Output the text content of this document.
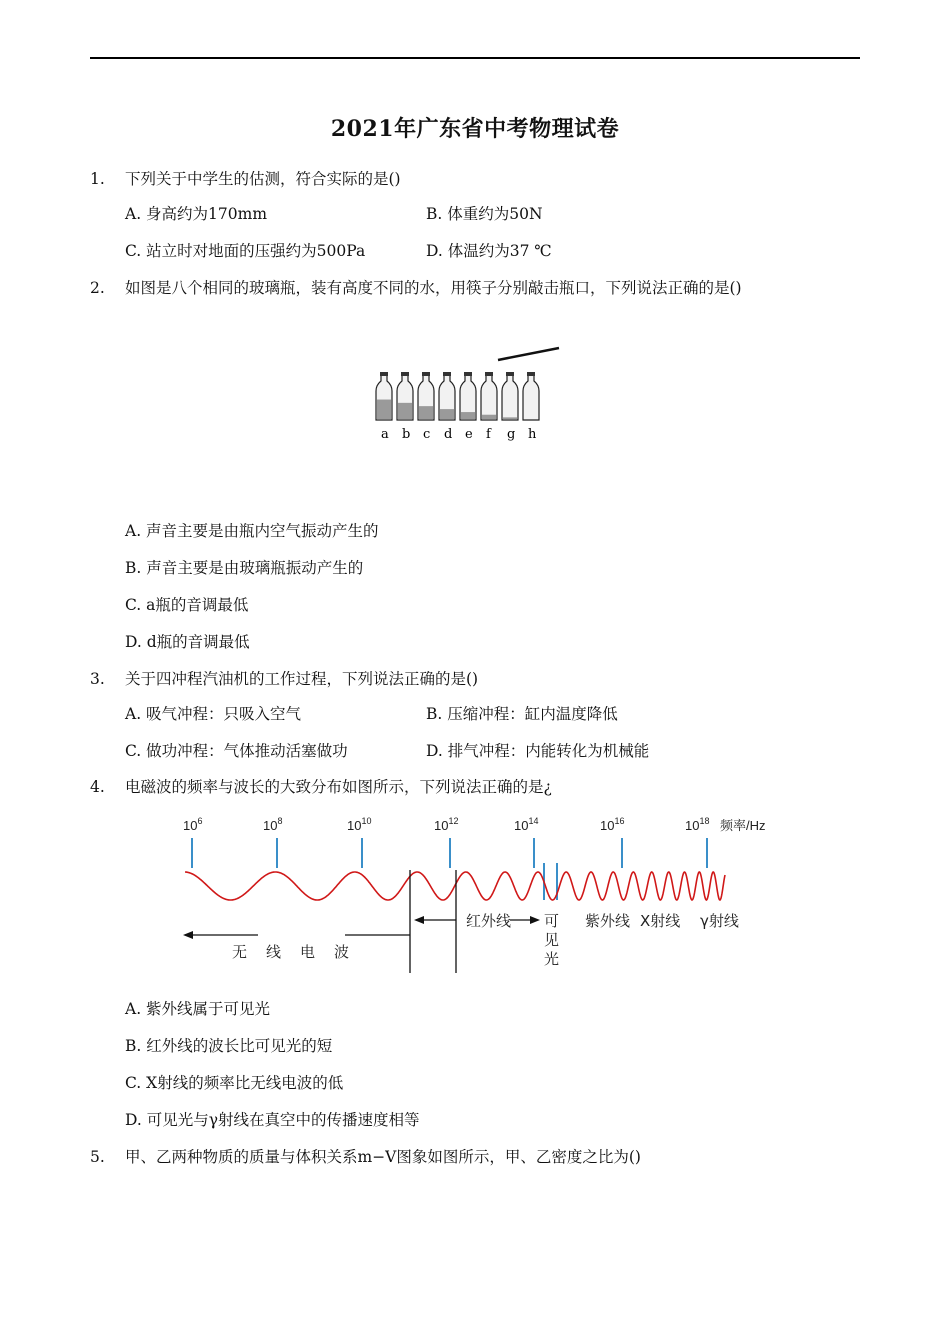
2021年广东省中考物理试卷
1. 下列关于中学生的估测，符合实际的是()
A. 身高约为170mm	B. 体重约为50N
C. 站立时对地面的压强约为500Pa	D. 体温约为37 ℃
2. 如图是八个相同的玻璃瓶，装有高度不同的水，用筷子分别敲击瓶口，下列说法正确的是()
a b c d e f g h
A. 声音主要是由瓶内空气振动产生的
B. 声音主要是由玻璃瓶振动产生的
C. a瓶的音调最低
D. d瓶的音调最低
3. 关于四冲程汽油机的工作过程，下列说法正确的是()
A. 吸气冲程：只吸入空气	B. 压缩冲程：缸内温度降低
C. 做功冲程：气体推动活塞做功	D. 排气冲程：内能转化为机械能
4. 电磁波的频率与波长的大致分布如图所示，下列说法正确的是¿
$10^6$	$10^8$	$10^{10}$	$10^{12}$	$10^{14}$	$10^{16}$	$10^{18}$ 频率/Hz
无　线　电　波
红外线 可
见
光
紫外线 X射线 γ射线
A. 紫外线属于可见光
B. 红外线的波长比可见光的短
C. X射线的频率比无线电波的低
D. 可见光与γ射线在真空中的传播速度相等
5. 甲、乙两种物质的质量与体积关系m−V图象如图所示，甲、乙密度之比为()
